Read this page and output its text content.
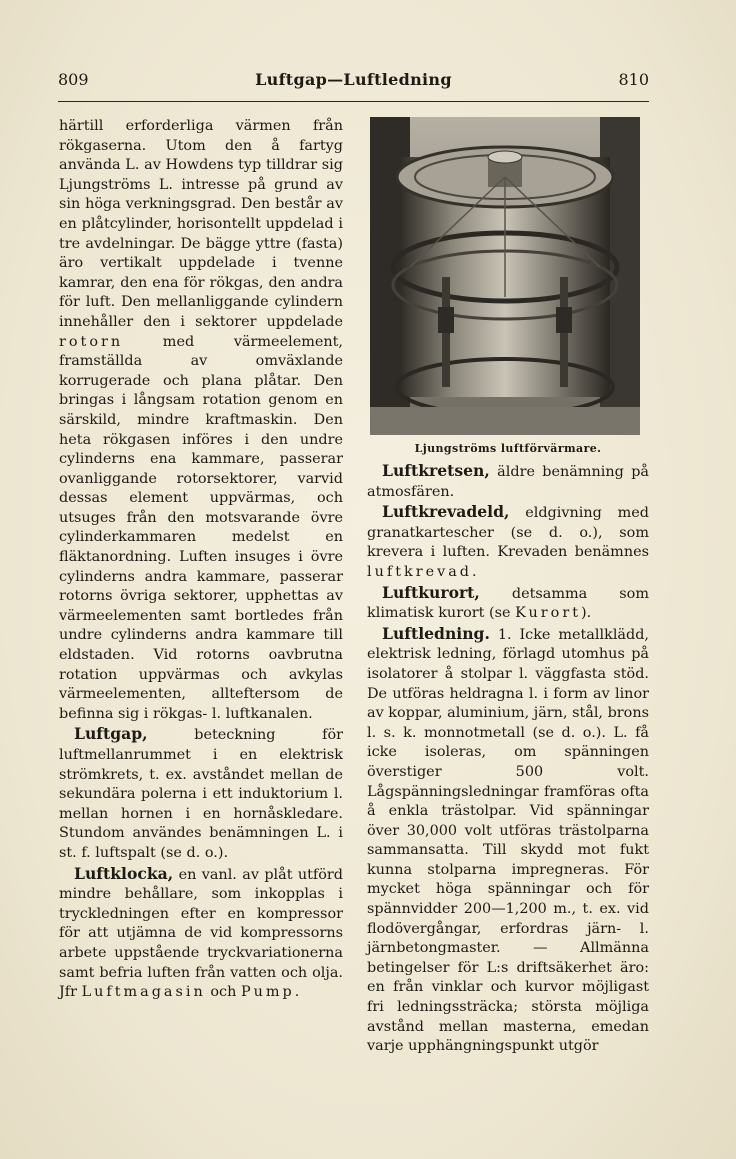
809	Luftgap—Luftledning	810

härtill erforderliga värmen från rökgaserna. Utom den å fartyg använda L. av Howdens typ tilldrar sig Ljungströms L. intresse på grund av sin höga verkningsgrad. Den består av en plåtcylinder, horisontellt uppdelad i tre avdelningar. De bägge yttre (fasta) äro vertikalt uppdelade i tvenne kamrar, den ena för rökgas, den andra för luft. Den mellanliggande cylindern innehåller den i sektorer uppdelade rotorn	med värmeelement, framställda av omväxlande korrugerade och plana plåtar. Den bringas i långsam rotation genom en särskild, mindre kraftmaskin. Den heta rökgasen införes i den undre cylinderns ena kammare, passerar ovanliggande rotorsektorer, varvid dessas element uppvärmas, och utsuges från den motsvarande övre cylinderkammaren medelst en fläktanordning. Luften insuges i övre cylinderns andra kammare, passerar rotorns övriga sektorer, upphettas av värmeelementen samt bortledes från undre cylinderns andra kammare till eldstaden. Vid rotorns oavbrutna rotation uppvärmas och avkylas värmeelementen, allteftersom de befinna sig i rökgas- l. luftkanalen.

Luftgap,	beteckning för luftmellanrummet i en elektrisk strömkrets, t. ex. avståndet mellan de sekundära polerna i ett induktorium l. mellan hornen i en hornåskledare. Stundom användes benämningen L. i st. f. luftspalt (se d. o.).

Luftklocka, en vanl. av plåt utförd mindre behållare, som inkopplas i tryckledningen efter en kompressor för att utjämna de vid kompressorns arbete uppstående tryckvariationerna samt befria luften från vatten och olja. Jfr Luftmagasin och Pump.

Ljungströms luftförvärmare.

Luftkretsen, äldre benämning på atmosfären.

Luftkrevadeld, eldgivning med granatkartescher (se d. o.), som krevera i luften. Krevaden benämnes luftkrevad.

Luftkurort, detsamma som klimatisk kurort (se Kurort).

Luftledning. 1. Icke metallklädd, elektrisk ledning, förlagd utomhus på isolatorer å stolpar l. väggfasta stöd. De utföras heldragna l. i form av linor av koppar, aluminium, järn, stål, brons l. s. k. monnotmetall (se d. o.). L. få icke isoleras, om spänningen överstiger 500 volt. Lågspänningsledningar framföras ofta å enkla trästolpar. Vid spänningar över 30,000 volt utföras trästolparna sammansatta. Till skydd mot fukt kunna stolparna impregneras. För mycket höga spänningar och för spännvidder 200—1,200 m., t. ex. vid flodövergångar, erfordras järn- l. järnbetongmaster. — Allmänna betingelser för L:s driftsäkerhet äro: en från vinklar och kurvor möjligast fri ledningssträcka; största möjliga avstånd mellan masterna, emedan varje upphängningspunkt utgör
